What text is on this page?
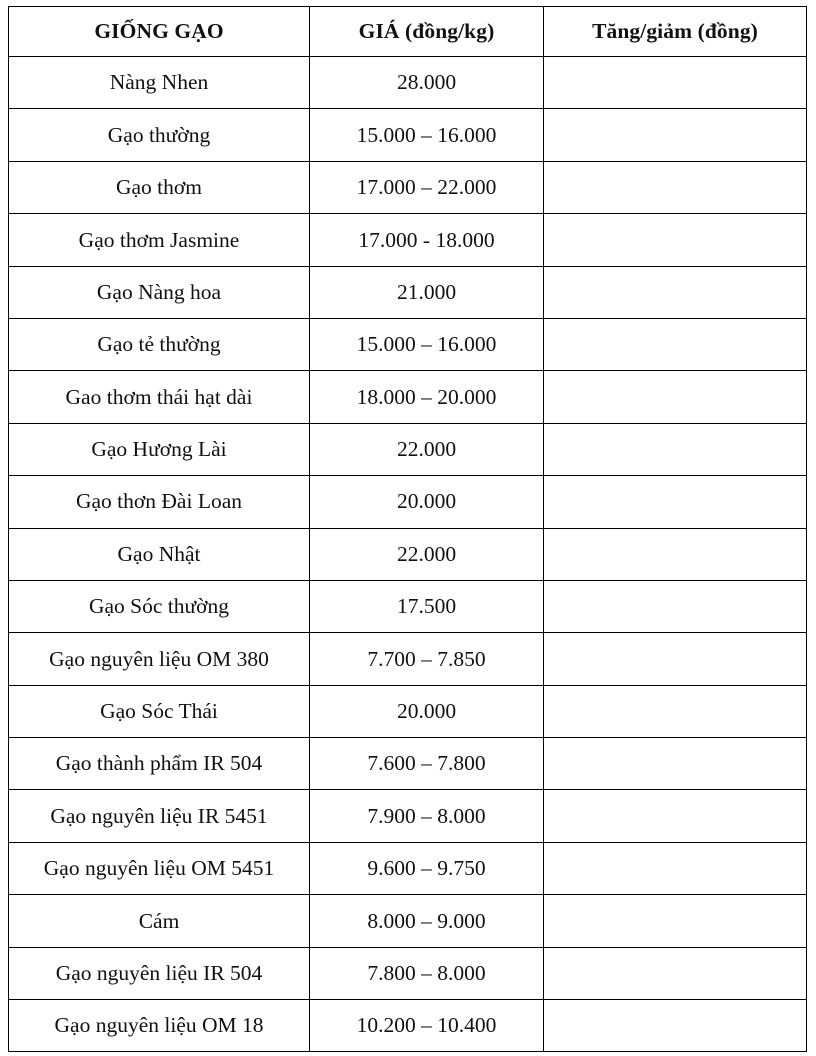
GIỐNG GẠO	GIÁ (đồng/kg)	Tăng/giảm (đồng)
Nàng Nhen	28.000	
Gạo thường	15.000 – 16.000	
Gạo thơm	17.000 – 22.000	
Gạo thơm Jasmine	17.000 - 18.000	
Gạo Nàng hoa	21.000	
Gạo tẻ thường	15.000 – 16.000	
Gao thơm thái hạt dài	18.000 – 20.000	
Gạo Hương Lài	22.000	
Gạo thơn Đài Loan	20.000	
Gạo Nhật	22.000	
Gạo Sóc thường	17.500	
Gạo nguyên liệu OM 380	7.700 – 7.850	
Gạo Sóc Thái	20.000	
Gạo thành phẩm IR 504	7.600 – 7.800	
Gạo nguyên liệu IR 5451	7.900 – 8.000	
Gạo nguyên liệu OM 5451	9.600 – 9.750	
Cám	8.000 – 9.000	
Gạo nguyên liệu IR 504	7.800 – 8.000	
Gạo nguyên liệu OM 18	10.200 – 10.400	
